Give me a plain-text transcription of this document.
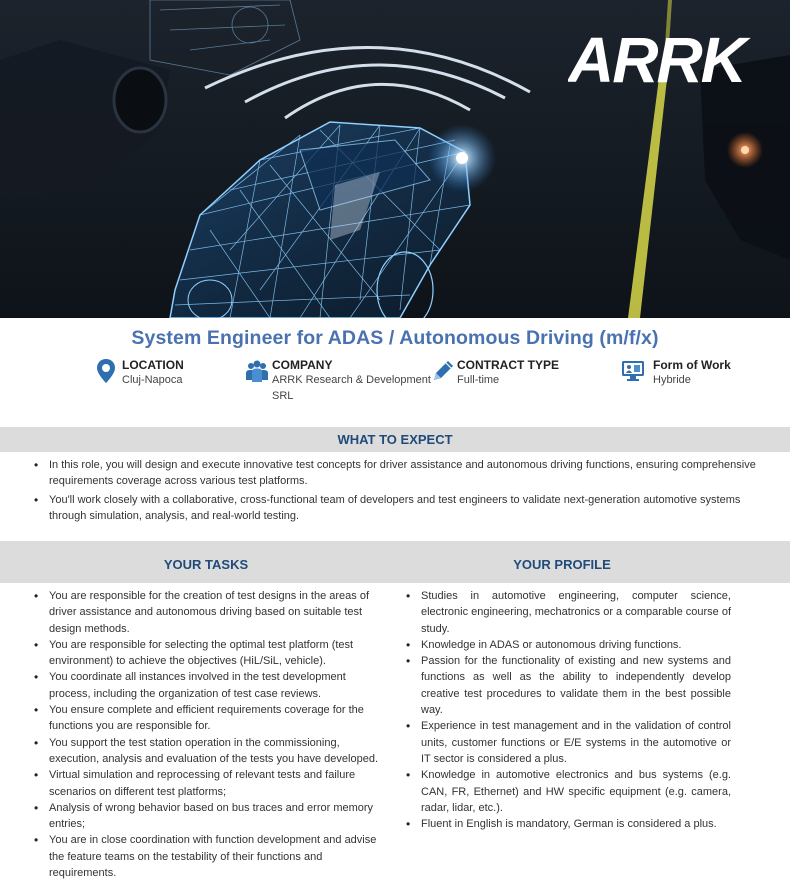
ARRK
System Engineer for ADAS / Autonomous Driving (m/f/x)
LOCATION
Cluj-Napoca
COMPANY
ARRK Research & Development SRL
CONTRACT TYPE
Full-time
Form of Work
Hybride
WHAT TO EXPECT
• In this role, you will design and execute innovative test concepts for driver assistance and autonomous driving functions, ensuring comprehensive requirements coverage across various test platforms.
• You'll work closely with a collaborative, cross-functional team of developers and test engineers to validate next-generation automotive systems through simulation, analysis, and real-world testing.
YOUR TASKS	YOUR PROFILE
• You are responsible for the creation of test designs in the areas of driver assistance and autonomous driving based on suitable test design methods.
• You are responsible for selecting the optimal test platform (test environment) to achieve the objectives (HiL/SiL, vehicle).
• You coordinate all instances involved in the test development process, including the organization of test case reviews.
• You ensure complete and efficient requirements coverage for the functions you are responsible for.
• You support the test station operation in the commissioning, execution, analysis and evaluation of the tests you have developed.
• Virtual simulation and reprocessing of relevant tests and failure scenarios on different test platforms;
• Analysis of wrong behavior based on bus traces and error memory entries;
• You are in close coordination with function development and advise the feature teams on the testability of their functions and requirements.
• Studies in automotive engineering, computer science, electronic engineering, mechatronics or a comparable course of study.
• Knowledge in ADAS or autonomous driving functions.
• Passion for the functionality of existing and new systems and functions as well as the ability to independently develop creative test procedures to validate them in the best possible way.
• Experience in test management and in the validation of control units, customer functions or E/E systems in the automotive or IT sector is considered a plus.
• Knowledge in automotive electronics and bus systems (e.g. CAN, FR, Ethernet) and HW specific equipment (e.g. camera, radar, lidar, etc.).
• Fluent in English is mandatory, German is considered a plus.
